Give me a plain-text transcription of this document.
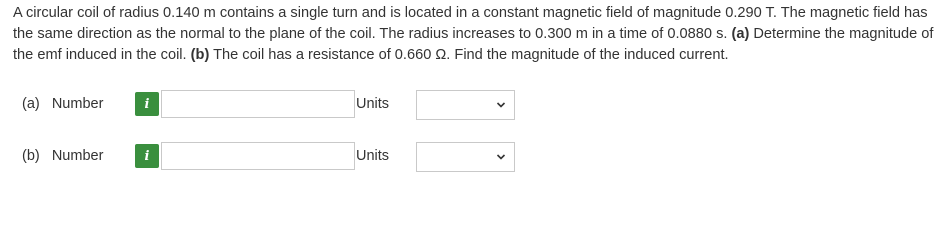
A circular coil of radius 0.140 m contains a single turn and is located in a constant magnetic field of magnitude 0.290 T. The magnetic field has the same direction as the normal to the plane of the coil. The radius increases to 0.300 m in a time of 0.0880 s. (a) Determine the magnitude of the emf induced in the coil. (b) The coil has a resistance of 0.660 Ω. Find the magnitude of the induced current.
(a) Number	i	Units
(b) Number	i	Units
